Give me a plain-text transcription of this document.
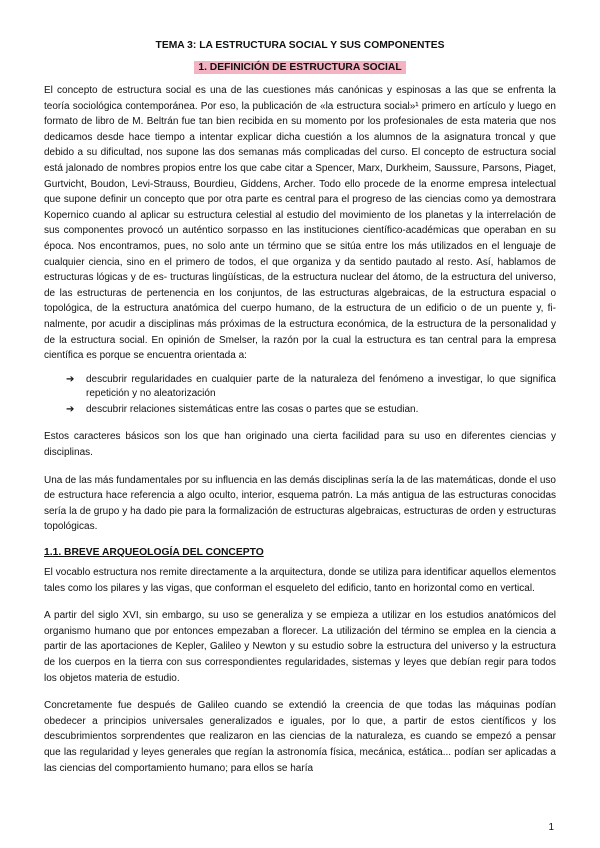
TEMA 3: LA ESTRUCTURA SOCIAL Y SUS COMPONENTES
1. DEFINICIÓN DE ESTRUCTURA SOCIAL

El concepto de estructura social es una de las cuestiones más canónicas y espinosas a las que se enfrenta la teoría sociológica contemporánea. Por eso, la publicación de «la estructura social»¹ primero en artículo y luego en formato de libro de M. Beltrán fue tan bien recibida en su momento por los profesionales de esta materia que nos dedicamos desde hace tiempo a intentar explicar dicha cuestión a los alumnos de la asignatura troncal y que debido a su dificultad, nos supone las dos semanas más complicadas del curso. El concepto de estructura social está jalonado de nombres propios entre los que cabe citar a Spencer, Marx, Durkheim, Saussure, Parsons, Piaget, Gurtvicht, Boudon, Levi-Strauss, Bourdieu, Giddens, Archer. Todo ello procede de la enorme empresa intelectual que supone definir un concepto que por otra parte es central para el progreso de las ciencias como ya demostrara Kopernico cuando al aplicar su estructura celestial al estudio del movimiento de los planetas y la interrelación de sus componentes provocó un auténtico sorpasso en las instituciones científico-académicas que operaban en su época. Nos encontramos, pues, no solo ante un término que se sitúa entre los más utilizados en el lenguaje de cualquier ciencia, sino en el primero de todos, el que organiza y da sentido pautado al resto. Así, hablamos de estructuras lógicas y de es- tructuras lingüísticas, de la estructura nuclear del átomo, de la estructura del universo, de las estructuras de pertenencia en los conjuntos, de las estructuras algebraicas, de la estructura espacial o topológica, de la estructura anatómica del cuerpo humano, de la estructura de un edificio o de un puente y, fi- nalmente, por acudir a disciplinas más próximas de la estructura económica, de la estructura de la personalidad y de la estructura social. En opinión de Smelser, la razón por la cual la estructura es tan central para la empresa científica es porque se encuentra orientada a:

➔ descubrir regularidades en cualquier parte de la naturaleza del fenómeno a investigar, lo que significa repetición y no aleatorización
➔ descubrir relaciones sistemáticas entre las cosas o partes que se estudian.

Estos caracteres básicos son los que han originado una cierta facilidad para su uso en diferentes ciencias y disciplinas.

Una de las más fundamentales por su influencia en las demás disciplinas sería la de las matemáticas, donde el uso de estructura hace referencia a algo oculto, interior, esquema patrón. La más antigua de las estructuras conocidas sería la de grupo y ha dado pie para la formalización de estructuras algebraicas, estructuras de orden y estructuras topológicas.

1.1. BREVE ARQUEOLOGÍA DEL CONCEPTO

El vocablo estructura nos remite directamente a la arquitectura, donde se utiliza para identificar aquellos elementos tales como los pilares y las vigas, que conforman el esqueleto del edificio, tanto en horizontal como en vertical.

A partir del siglo XVI, sin embargo, su uso se generaliza y se empieza a utilizar en los estudios anatómicos del organismo humano que por entonces empezaban a florecer. La utilización del término se emplea en la ciencia a partir de las aportaciones de Kepler, Galileo y Newton y su estudio sobre la estructura del universo y la estructura de los cuerpos en la tierra con sus correspondientes regularidades, sistemas y leyes que debían regir para todos los objetos materia de estudio.

Concretamente fue después de Galileo cuando se extendió la creencia de que todas las máquinas podían obedecer a principios universales generalizados e iguales, por lo que, a partir de estos científicos y los descubrimientos sorprendentes que realizaron en las ciencias de la naturaleza, es cuando se empezó a pensar que las regularidad y leyes generales que regían la astronomía física, mecánica, estática... podían ser aplicadas a las ciencias del comportamiento humano; para ellos se haría

1
